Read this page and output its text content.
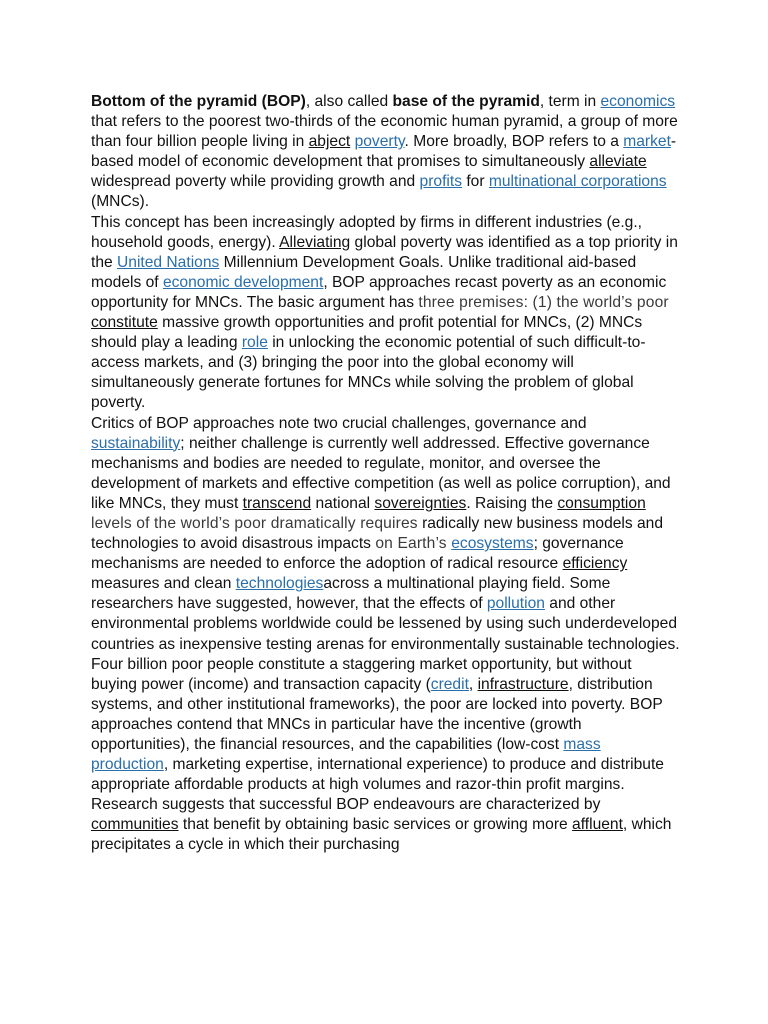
Bottom of the pyramid (BOP), also called base of the pyramid, term in economics that refers to the poorest two-thirds of the economic human pyramid, a group of more than four billion people living in abject poverty. More broadly, BOP refers to a market-based model of economic development that promises to simultaneously alleviate widespread poverty while providing growth and profits for multinational corporations (MNCs).

This concept has been increasingly adopted by firms in different industries (e.g., household goods, energy). Alleviating global poverty was identified as a top priority in the United Nations Millennium Development Goals. Unlike traditional aid-based models of economic development, BOP approaches recast poverty as an economic opportunity for MNCs. The basic argument has three premises: (1) the world’s poor constitute massive growth opportunities and profit potential for MNCs, (2) MNCs should play a leading role in unlocking the economic potential of such difficult-to-access markets, and (3) bringing the poor into the global economy will simultaneously generate fortunes for MNCs while solving the problem of global poverty.

Critics of BOP approaches note two crucial challenges, governance and sustainability; neither challenge is currently well addressed. Effective governance mechanisms and bodies are needed to regulate, monitor, and oversee the development of markets and effective competition (as well as police corruption), and like MNCs, they must transcend national sovereignties. Raising the consumption levels of the world’s poor dramatically requires radically new business models and technologies to avoid disastrous impacts on Earth’s ecosystems; governance mechanisms are needed to enforce the adoption of radical resource efficiency measures and clean technologiesacross a multinational playing field. Some researchers have suggested, however, that the effects of pollution and other environmental problems worldwide could be lessened by using such underdeveloped countries as inexpensive testing arenas for environmentally sustainable technologies.

Four billion poor people constitute a staggering market opportunity, but without buying power (income) and transaction capacity (credit, infrastructure, distribution systems, and other institutional frameworks), the poor are locked into poverty. BOP approaches contend that MNCs in particular have the incentive (growth opportunities), the financial resources, and the capabilities (low-cost mass production, marketing expertise, international experience) to produce and distribute appropriate affordable products at high volumes and razor-thin profit margins. Research suggests that successful BOP endeavours are characterized by communities that benefit by obtaining basic services or growing more affluent, which precipitates a cycle in which their purchasing
